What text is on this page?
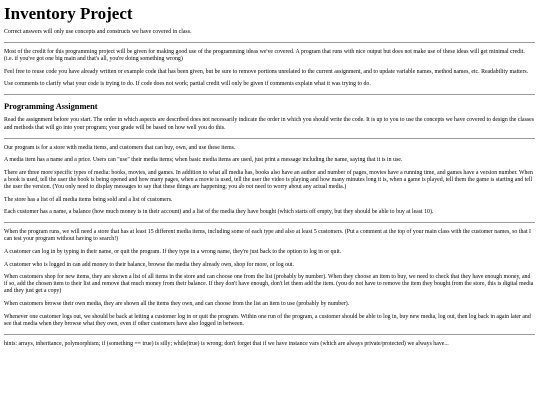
Inventory Project

Correct answers will only use concepts and constructs we have covered in class.

Most of the credit for this programming project will be given for making good use of the programming ideas we've covered. A program that runs with nice output but does not make use of these ideas will get minimal credit. (i.e. if you've got one big main and that's all, you're doing something wrong)

Feel free to reuse code you have already written or example code that has been given, but be sure to remove portions unrelated to the current assignment, and to update variable names, method names, etc. Readability matters.

Use comments to clarify what your code is trying to do. If code does not work; partial credit will only be given if comments explain what it was trying to do.

Programming Assignment

Read the assignment before you start. The order in which aspects are described does not necessarily indicate the order in which you should write the code. It is up to you to use the concepts we have covered to design the classes and methods that will go into your program; your grade will be based on how well you do this.

Our program is for a store with media items, and customers that can buy, own, and use these items.

A media item has a name and a price. Users can "use" their media items; when basic media items are used, just print a message including the name, saying that it is in use.

There are three more specific types of media: books, movies, and games. In addition to what all media has, books also have an author and number of pages, movies have a running time, and games have a version number. When a book is used, tell the user the book is being opened and how many pages, when a movie is used, tell the user the video is playing and how many minutes long it is, when a game is played, tell them the game is starting and tell the user the version. (You only need to display messages to say that these things are happening; you do not need to worry about any actual media.)

The store has a list of all media items being sold and a list of customers.

Each customer has a name, a balance (how much money is in their account) and a list of the media they have bought (which starts off empty, but they should be able to buy at least 10).

When the program runs, we will need a store that has at least 15 different media items, including some of each type and also at least 5 customers. (Put a comment at the top of your main class with the customer names, so that I can test your program without having to search!)

A customer can log in by typing in their name, or quit the program. If they type in a wrong name, they're just back to the option to log in or quit.

A customer who is logged in can add money to their balance, browse the media they already own, shop for more, or log out.

When customers shop for new items, they are shown a list of all items in the store and can choose one from the list (probably by number). When they choose an item to buy, we need to check that they have enough money, and if so, add the chosen item to their list and remove that much money from their balance. If they don't have enough, don't let them add the item. (you do not have to remove the item they bought from the store, this is digital media and they just get a copy)

When customers browse their own media, they are shown all the items they own, and can choose from the list an item to use (probably by number).

Whenever one customer logs out, we should be back at letting a customer log in or quit the program. Within one run of the program, a customer should be able to log in, buy new media, log out, then log back in again later and see that media when they browse what they own, even if other customers have also logged in between.

hints: arrays, inheritance, polymorphism; if (something == true) is silly; while(true) is wrong; don't forget that if we have instance vars (which are always private/protected) we always have...
